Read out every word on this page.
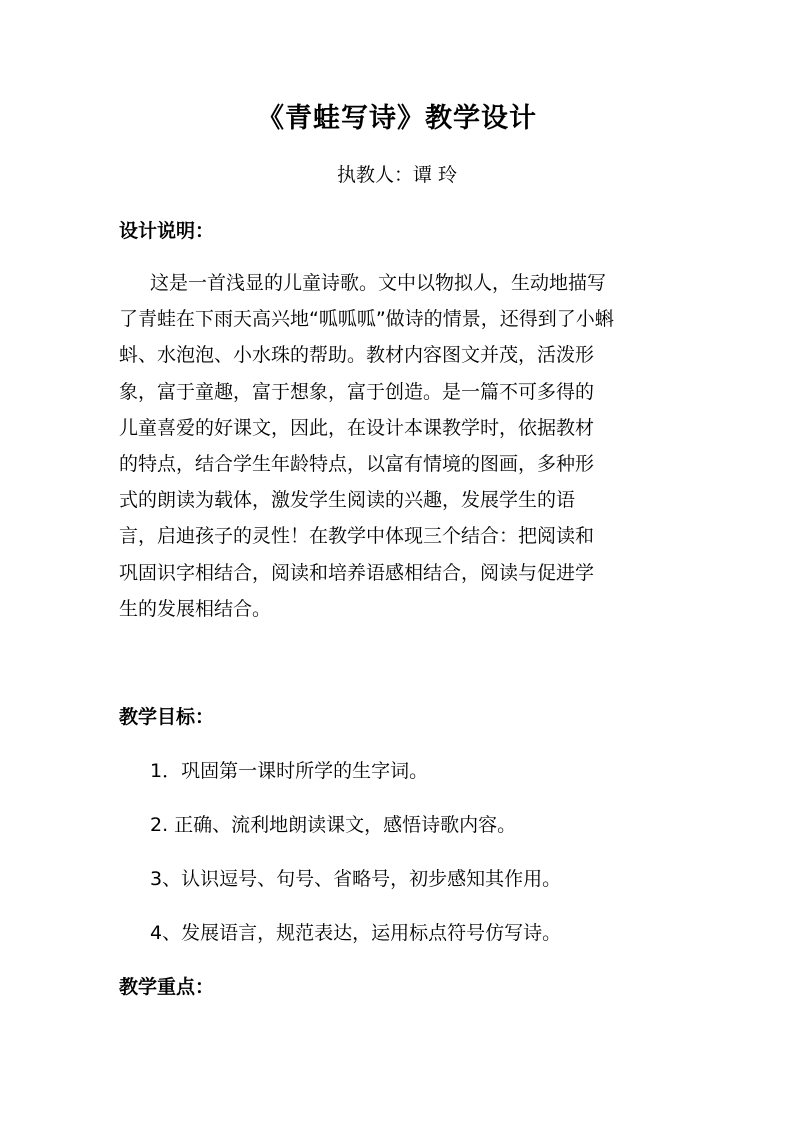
《青蛙写诗》教学设计
执教人：谭 玲
设计说明：
这是一首浅显的儿童诗歌。文中以物拟人，生动地描写
了青蛙在下雨天高兴地“呱呱呱”做诗的情景，还得到了小蝌
蚪、水泡泡、小水珠的帮助。教材内容图文并茂，活泼形
象，富于童趣，富于想象，富于创造。是一篇不可多得的
儿童喜爱的好课文，因此，在设计本课教学时，依据教材
的特点，结合学生年龄特点，以富有情境的图画，多种形
式的朗读为载体，激发学生阅读的兴趣，发展学生的语
言，启迪孩子的灵性！在教学中体现三个结合：把阅读和
巩固识字相结合，阅读和培养语感相结合，阅读与促进学
生的发展相结合。
教学目标：
1．巩固第一课时所学的生字词。
2. 正确、流利地朗读课文，感悟诗歌内容。
3、认识逗号、句号、省略号，初步感知其作用。
4、发展语言，规范表达，运用标点符号仿写诗。
教学重点：
